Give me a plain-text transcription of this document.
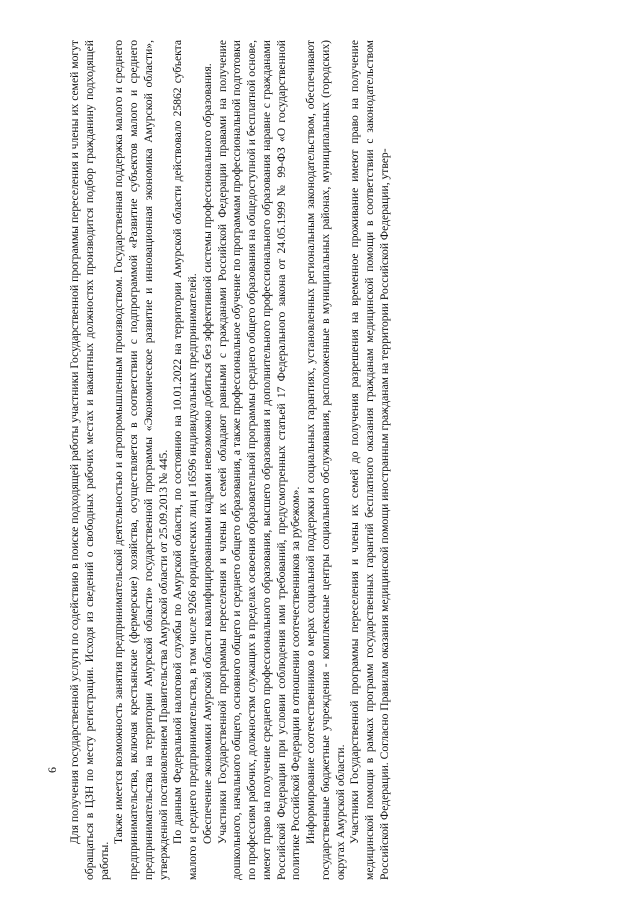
6 Для получения государственной услуги по содействию в поиске подходящей работы участники Государственной программы переселения и члены их семей могут обращаться в ЦЗН по месту регистрации. Исходя из сведений о свободных рабочих местах и вакантных должностях производится подбор гражданину подходящей работы.

Также имеется возможность занятия предпринимательской деятельностью и агропромышленным производством. Государственная поддержка малого и среднего предпринимательства, включая крестьянские (фермерские) хозяйства, осуществляется в соответствии с подпрограммой «Развитие субъектов малого и среднего предпринимательства на территории Амурской области» государственной программы «Экономическое развитие и инновационная экономика Амурской области», утвержденной постановлением Правительства Амурской области от 25.09.2013 № 445. По данным Федеральной налоговой службы по Амурской области, по состоянию на 10.01.2022 на территории Амурской области действовало 25862 субъекта малого и среднего предпринимательства, в том числе 9266 юридических лиц и 16596 индивидуальных предпринимателей. Обеспечение экономики Амурской области квалифицированными кадрами невозможно добиться без эффективной системы профессионального образования. Участники Государственной программы переселения и члены их семей обладают равными с гражданами Российской Федерации правами на получение дошкольного, начального общего, основного общего и среднего общего образования, а также профессиональное обучение по программам профессиональной подготовки по профессиям рабочих, должностям служащих в пределах освоения образовательной программы среднего общего образования на общедоступной и бесплатной основе, имеют право на получение среднего профессионального образования, высшего образования и дополнительного профессионального образования наравне с гражданами Российской Федерации при условии соблюдения ими требований, предусмотренных статьей 17 Федерального закона от 24.05.1999 № 99-ФЗ «О государственной политике Российской Федерации в отношении соотечественников за рубежом». Информирование соотечественников о мерах социальной поддержки и социальных гарантиях, установленных региональным законодательством, обеспечивают государственные бюджетные учреждения - комплексные центры социального обслуживания, расположенные в муниципальных районах, муниципальных (городских) округах Амурской области. Участники Государственной программы переселения и члены их семей до получения разрешения на временное проживание имеют право на получение медицинской помощи в рамках программ государственных гарантий бесплатного оказания гражданам медицинской помощи в соответствии с законодательством Российской Федерации. Согласно Правилам оказания медицинской помощи иностранным гражданам на территории Российской Федерации, утвер-
